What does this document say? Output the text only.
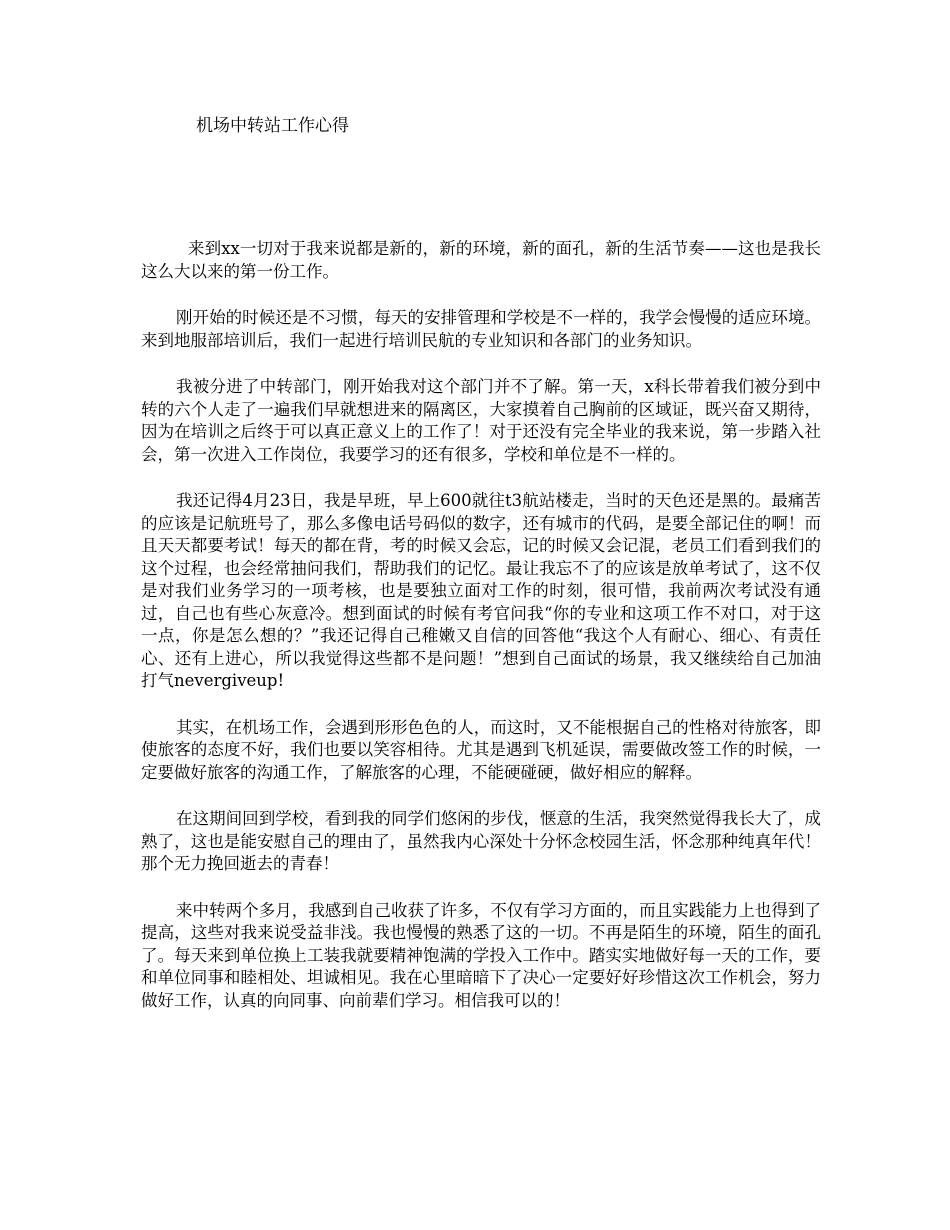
机场中转站工作心得

来到xx一切对于我来说都是新的，新的环境，新的面孔，新的生活节奏——这也是我长这么大以来的第一份工作。

刚开始的时候还是不习惯，每天的安排管理和学校是不一样的，我学会慢慢的适应环境。来到地服部培训后，我们一起进行培训民航的专业知识和各部门的业务知识。

我被分进了中转部门，刚开始我对这个部门并不了解。第一天，x科长带着我们被分到中转的六个人走了一遍我们早就想进来的隔离区，大家摸着自己胸前的区域证，既兴奋又期待，因为在培训之后终于可以真正意义上的工作了！对于还没有完全毕业的我来说，第一步踏入社会，第一次进入工作岗位，我要学习的还有很多，学校和单位是不一样的。

我还记得4月23日，我是早班，早上600就往t3航站楼走，当时的天色还是黑的。最痛苦的应该是记航班号了，那么多像电话号码似的数字，还有城市的代码，是要全部记住的啊！而且天天都要考试！每天的都在背，考的时候又会忘，记的时候又会记混，老员工们看到我们的这个过程，也会经常抽问我们，帮助我们的记忆。最让我忘不了的应该是放单考试了，这不仅是对我们业务学习的一项考核，也是要独立面对工作的时刻，很可惜，我前两次考试没有通过，自己也有些心灰意冷。想到面试的时候有考官问我“你的专业和这项工作不对口，对于这一点，你是怎么想的？”我还记得自己稚嫩又自信的回答他“我这个人有耐心、细心、有责任心、还有上进心，所以我觉得这些都不是问题！”想到自己面试的场景，我又继续给自己加油打气nevergiveup!

其实，在机场工作，会遇到形形色色的人，而这时，又不能根据自己的性格对待旅客，即使旅客的态度不好，我们也要以笑容相待。尤其是遇到飞机延误，需要做改签工作的时候，一定要做好旅客的沟通工作，了解旅客的心理，不能硬碰硬，做好相应的解释。

在这期间回到学校，看到我的同学们悠闲的步伐，惬意的生活，我突然觉得我长大了，成熟了，这也是能安慰自己的理由了，虽然我内心深处十分怀念校园生活，怀念那种纯真年代！那个无力挽回逝去的青春！

来中转两个多月，我感到自己收获了许多，不仅有学习方面的，而且实践能力上也得到了提高，这些对我来说受益非浅。我也慢慢的熟悉了这的一切。不再是陌生的环境，陌生的面孔了。每天来到单位换上工装我就要精神饱满的学投入工作中。踏实实地做好每一天的工作，要和单位同事和睦相处、坦诚相见。我在心里暗暗下了决心一定要好好珍惜这次工作机会，努力做好工作，认真的向同事、向前辈们学习。相信我可以的！
